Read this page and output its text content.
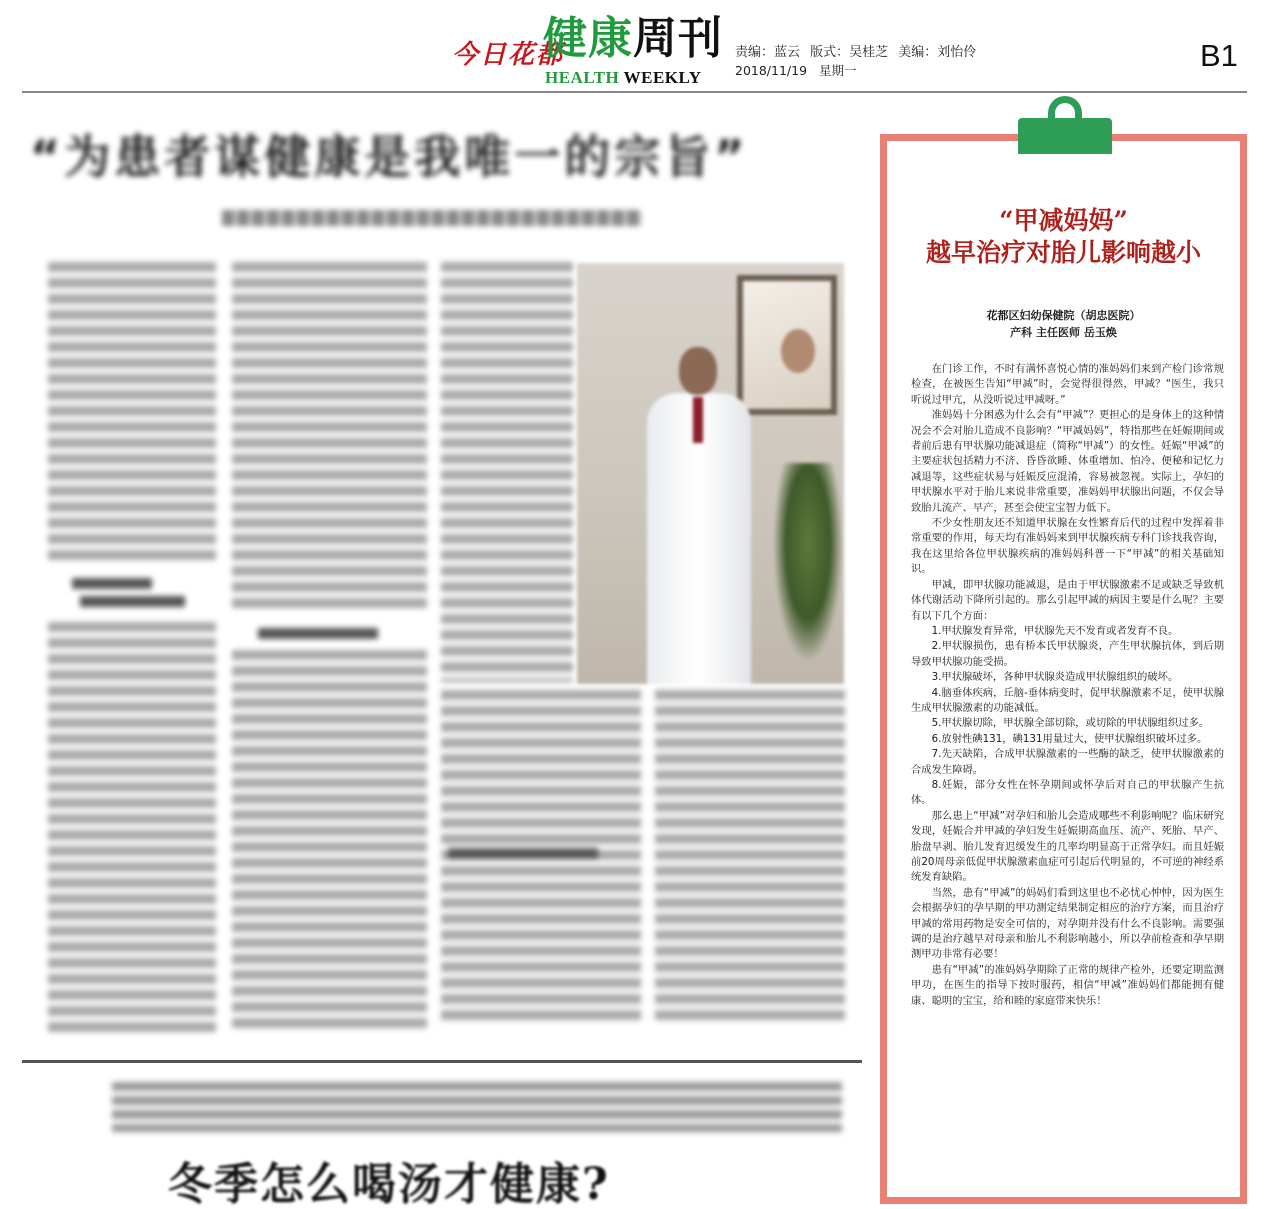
今日花都
健康周刊
HEALTH WEEKLY
责编：蓝云 版式：吴桂芝 美编：刘怡伶
2018/11/19 星期一	B1
“为患者谋健康是我唯一的宗旨”
冬季怎么喝汤才健康?
“甲减妈妈”
越早治疗对胎儿影响越小
花都区妇幼保健院（胡忠医院）
产科 主任医师 岳玉焕

在门诊工作，不时有满怀喜悦心情的准妈妈们来到产检门诊常规检查，在被医生告知“甲减”时，会觉得很得然，甲减？“医生，我只听说过甲亢，从没听说过甲减呀。”

准妈妈十分困惑为什么会有“甲减”？更担心的是身体上的这种情况会不会对胎儿造成不良影响？“甲减妈妈”，特指那些在妊娠期间或者前后患有甲状腺功能减退症（简称“甲减”）的女性。妊娠“甲减”的主要症状包括精力不济、昏昏欲睡、体重增加、怕冷、便秘和记忆力减退等，这些症状易与妊娠反应混淆，容易被忽视。实际上，孕妇的甲状腺水平对于胎儿来说非常重要，准妈妈甲状腺出问题，不仅会导致胎儿流产、早产，甚至会使宝宝智力低下。

不少女性朋友还不知道甲状腺在女性繁育后代的过程中发挥着非常重要的作用，每天均有准妈妈来到甲状腺疾病专科门诊找我咨询，我在这里给各位甲状腺疾病的准妈妈科普一下“甲减”的相关基础知识。

甲减，即甲状腺功能减退，是由于甲状腺激素不足或缺乏导致机体代谢活动下降所引起的。那么引起甲减的病因主要是什么呢？主要有以下几个方面：

1.甲状腺发育异常，甲状腺先天不发育或者发育不良。

2.甲状腺损伤，患有桥本氏甲状腺炎，产生甲状腺抗体，到后期导致甲状腺功能受损。

3.甲状腺破坏，各种甲状腺炎造成甲状腺组织的破坏。

4.脑垂体疾病，丘脑-垂体病变时，促甲状腺激素不足，使甲状腺生成甲状腺激素的功能减低。

5.甲状腺切除，甲状腺全部切除，或切除的甲状腺组织过多。

6.放射性碘131，碘131用量过大，使甲状腺组织破坏过多。

7.先天缺陷，合成甲状腺激素的一些酶的缺乏，使甲状腺激素的合成发生障碍。

8.妊娠，部分女性在怀孕期间或怀孕后对自己的甲状腺产生抗体。

那么患上“甲减”对孕妇和胎儿会造成哪些不利影响呢？临床研究发现，妊娠合并甲减的孕妇发生妊娠期高血压、流产、死胎、早产、胎盘早剥、胎儿发育迟缓发生的几率均明显高于正常孕妇。而且妊娠前20周母亲低促甲状腺激素血症可引起后代明显的，不可逆的神经系统发育缺陷。

当然，患有“甲减”的妈妈们看到这里也不必忧心忡忡，因为医生会根据孕妇的孕早期的甲功测定结果制定相应的治疗方案，而且治疗甲减的常用药物是安全可信的，对孕期并没有什么不良影响。需要强调的是治疗越早对母亲和胎儿不利影响越小，所以孕前检查和孕早期测甲功非常有必要！

患有“甲减”的准妈妈孕期除了正常的规律产检外，还要定期监测甲功，在医生的指导下按时服药，相信“甲减”准妈妈们都能拥有健康、聪明的宝宝，给和睦的家庭带来快乐！
